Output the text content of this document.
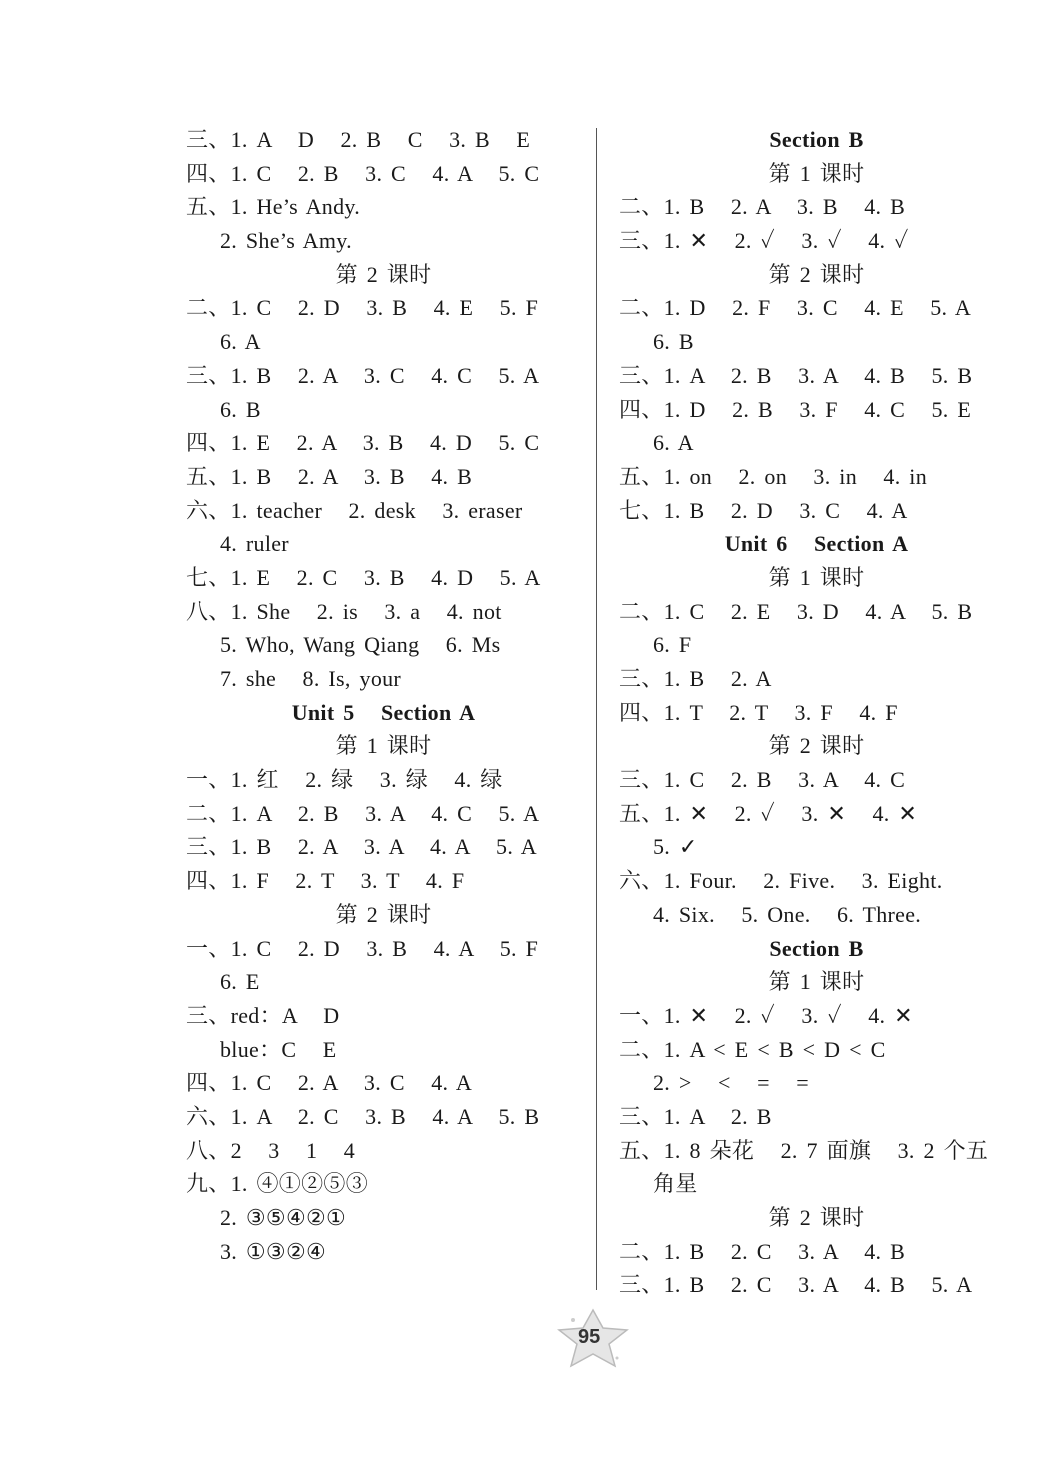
三、1. A   D   2. B   C   3. B   E
四、1. C   2. B   3. C   4. A   5. C
五、1. He’s Andy.
2. She’s Amy.
第 2 课时
二、1. C   2. D   3. B   4. E   5. F
6. A
三、1. B   2. A   3. C   4. C   5. A
6. B
四、1. E   2. A   3. B   4. D   5. C
五、1. B   2. A   3. B   4. B
六、1. teacher   2. desk   3. eraser
4. ruler
七、1. E   2. C   3. B   4. D   5. A
八、1. She   2. is   3. a   4. not
5. Who, Wang Qiang   6. Ms
7. she   8. Is, your
Unit 5   Section A
第 1 课时
一、1. 红   2. 绿   3. 绿   4. 绿
二、1. A   2. B   3. A   4. C   5. A
三、1. B   2. A   3. A   4. A   5. A
四、1. F   2. T   3. T   4. F
第 2 课时
一、1. C   2. D   3. B   4. A   5. F
6. E
三、red：A   D
blue：C   E
四、1. C   2. A   3. C   4. A
六、1. A   2. C   3. B   4. A   5. B
八、2   3   1   4
九、1. ④①②⑤③
2. ③⑤④②①
3. ①③②④
Section B
第 1 课时
二、1. B   2. A   3. B   4. B
三、1. ✕   2. ✓   3. ✓   4. ✓
第 2 课时
二、1. D   2. F   3. C   4. E   5. A
6. B
三、1. A   2. B   3. A   4. B   5. B
四、1. D   2. B   3. F   4. C   5. E
6. A
五、1. on   2. on   3. in   4. in
七、1. B   2. D   3. C   4. A
Unit 6   Section A
第 1 课时
二、1. C   2. E   3. D   4. A   5. B
6. F
三、1. B   2. A
四、1. T   2. T   3. F   4. F
第 2 课时
三、1. C   2. B   3. A   4. C
五、1. ✕   2. ✓   3. ✕   4. ✕
5. ✓
六、1. Four.   2. Five.   3. Eight.
4. Six.   5. One.   6. Three.
Section B
第 1 课时
一、1. ✕   2. ✓   3. ✓   4. ✕
二、1. A < E < B < D < C
2. >   <   =   =
三、1. A   2. B
五、1. 8 朵花   2. 7 面旗   3. 2 个五
角星
第 2 课时
二、1. B   2. C   3. A   4. B
三、1. B   2. C   3. A   4. B   5. A
95
